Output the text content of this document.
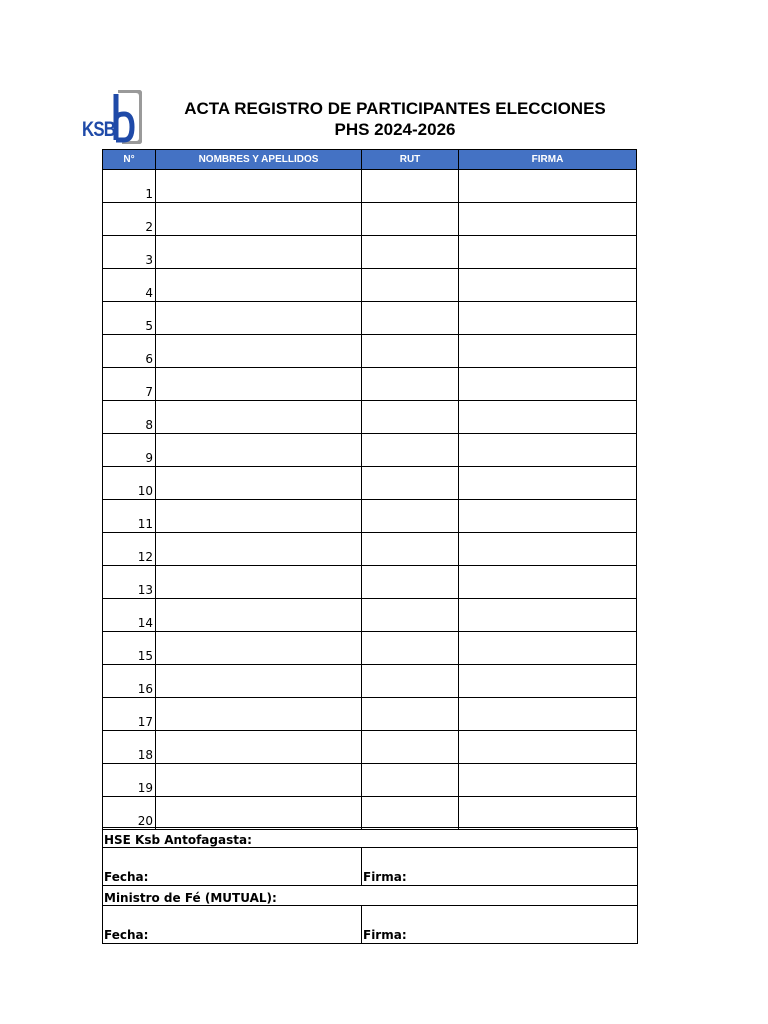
KSB
ACTA REGISTRO DE PARTICIPANTES ELECCIONES
PHS 2024-2026
N°	NOMBRES Y APELLIDOS	RUT	FIRMA
1			
2			
3			
4			
5			
6			
7			
8			
9			
10			
11			
12			
13			
14			
15			
16			
17			
18			
19			
20			
HSE Ksb Antofagasta:	
Fecha:	Firma:
Ministro de Fé (MUTUAL):	
Fecha:	Firma:
